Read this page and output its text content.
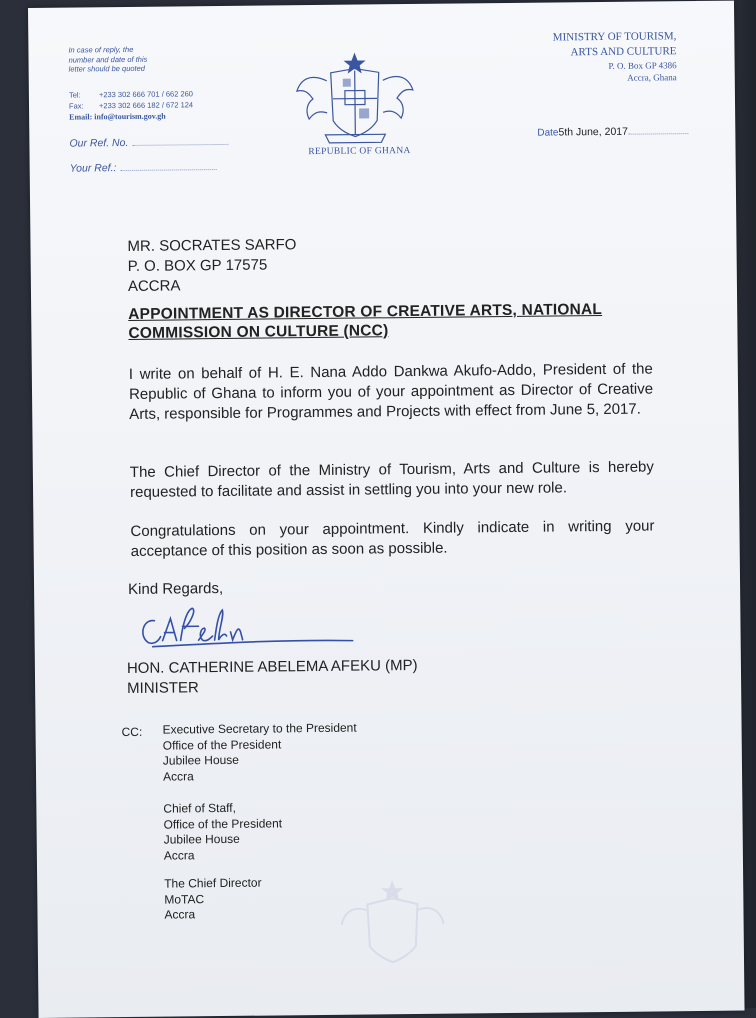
In case of reply, the
number and date of this
letter should be quoted
Tel: +233 302 666 701 / 662 260
Fax: +233 302 666 182 / 672 124
Email: info@tourism.gov.gh
Our Ref. No.
Your Ref.:
REPUBLIC OF GHANA
MINISTRY OF TOURISM,
ARTS AND CULTURE
P. O. Box GP 4386
Accra, Ghana
Date5th June, 2017
MR. SOCRATES SARFO
P. O. BOX GP 17575
ACCRA
APPOINTMENT AS DIRECTOR OF CREATIVE ARTS, NATIONAL COMMISSION ON CULTURE (NCC)
I write on behalf of H. E. Nana Addo Dankwa Akufo-Addo, President of the Republic of Ghana to inform you of your appointment as Director of Creative Arts, responsible for Programmes and Projects with effect from June 5, 2017.
The Chief Director of the Ministry of Tourism, Arts and Culture is hereby requested to facilitate and assist in settling you into your new role.
Congratulations on your appointment. Kindly indicate in writing your acceptance of this position as soon as possible.
Kind Regards,
HON. CATHERINE ABELEMA AFEKU (MP)
MINISTER
CC: Executive Secretary to the President
Office of the President
Jubilee House
Accra
Chief of Staff,
Office of the President
Jubilee House
Accra
The Chief Director
MoTAC
Accra
